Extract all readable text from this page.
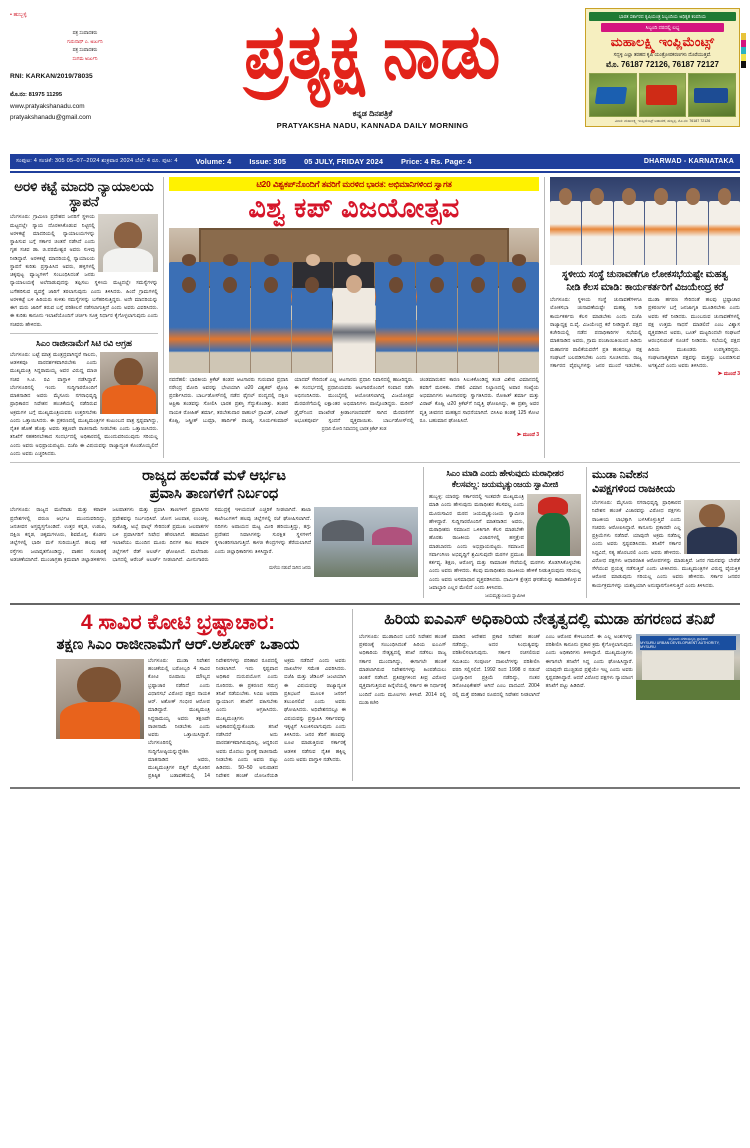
• ಹುಬ್ಬಳ್ಳಿ
ಪತ್ರ ಸಂಪಾದಕರು
ಗುರುನಾಥ್ ಎ. ಅರ್ಜುನಿ
ಪತ್ರ ಸಂಪಾದಕರು
ಸಂಗಮ ಅರ್ಜುನಿ
RNI: KARKAN/2019/78035
ಮೊ.ನಂ: 81975 11295
www.pratyakshanadu.com
pratyakshanadu@gmail.com
ಪ್ರತ್ಯಕ್ಷ ನಾಡು
ಕನ್ನಡ ದಿನಪತ್ರಿಕೆ
PRATYAKSHA NADU, KANNADA DAILY MORNING
ಭಾರತ ಸರ್ಕಾರದ ಕೃಷಿಯಂತ್ರ ಸಿಬ್ಬಂದಿಯ ಅಧಿಕೃತ ಕಂಪನಿಯ
ಸಿಬ್ಬಂದಿ ದರದಲ್ಲಿ ಲಭ್ಯ
ಮಹಾಲಕ್ಷ್ಮಿ ಇಂಪ್ಲಿಮೆಂಟ್ಸ್
ಸದ್ಬಳ್ಳಿ ಎಲ್ಲಾ ತರಹದ ಕೃಷಿ ಯಂತ್ರೋಪಕರಣಗಳು ದೊರೆಯುತ್ತವೆ.
ಮೊ. 76187 72126, 76187 72127
ವಿಳಾಸ: ಮಹಾಲಕ್ಷ್ಮಿ ಇಂಪ್ಲಿಮೆಂಟ್ಸ್ ಬಡಾವಣೆ, ಹುಬ್ಬಳ್ಳಿ, ಮೊ.ನಂ: 76187 72126
ಸಂಪುಟ: 4 ಸಂಚಿಕೆ: 305 05–07–2024 ಶುಕ್ರವಾರ 2024 ಬೆಲೆ: 4 ರೂ. ಪುಟ: 4 Volume: 4 Issue: 305 05 JULY, FRIDAY 2024 Price: 4 Rs. Page: 4	DHARWAD - KARNATAKA
ಅರಳಿ ಕಟ್ಟೆ ಮಾದರಿ ನ್ಯಾಯಾಲಯ ಸ್ಥಾಪನೆ
ಬೆಂಗಳೂರು: ಗ್ರಾಮೀಣ ಪ್ರದೇಶದ ಜನರಿಗೆ ಸ್ಥಳೀಯ ಮಟ್ಟದಲ್ಲೇ ನ್ಯಾಯ ದೊರಕಿಸಿಕೊಡುವ ನಿಟ್ಟಿನಲ್ಲಿ ಅರಳಿಕಟ್ಟೆ ಮಾದರಿಯಲ್ಲಿ ನ್ಯಾಯಾಲಯಗಳನ್ನು ಸ್ಥಾಪಿಸುವ ಬಗ್ಗೆ ಸರ್ಕಾರ ಚಿಂತನೆ ನಡೆಸಿದೆ ಎಂದು ಗೃಹ ಸಚಿವ ಡಾ. ಜಿ.ಪರಮೇಶ್ವರ ಅವರು ಸುಳಿವು ನೀಡಿದ್ದಾರೆ. ಅರಳಿಕಟ್ಟೆ ಮಾದರಿಯಲ್ಲಿ ನ್ಯಾಯಾಲಯ ಸ್ಥಾಪನೆ ಕುರಿತು ಪ್ರಸ್ತಾಪಿಸಿದ ಅವರು, ಹಳ್ಳಿಗಳಲ್ಲಿ ಚಿಕ್ಕಪುಟ್ಟ ವ್ಯಾಜ್ಯಗಳಿಗೆ ಸಂಬಂಧಿಸಿದಂತೆ ಜನರು ನ್ಯಾಯಾಲಯಕ್ಕೆ ಅಲೆದಾಡುವುದನ್ನು ತಪ್ಪಿಸಲು ಸ್ಥಳೀಯ ಮಟ್ಟದಲ್ಲೇ ಸಮಸ್ಯೆಗಳನ್ನು ಬಗೆಹರಿಸುವ ವ್ಯವಸ್ಥೆ ಜಾರಿಗೆ ತರಲಾಗುವುದು ಎಂದು ತಿಳಿಸಿದರು. ಹಿಂದೆ ಗ್ರಾಮಗಳಲ್ಲಿ ಅರಳಿಕಟ್ಟೆ ಬಳಿ ಹಿರಿಯರು ಕುಳಿತು ಸಮಸ್ಯೆಗಳನ್ನು ಬಗೆಹರಿಸುತ್ತಿದ್ದರು. ಅದೇ ಮಾದರಿಯನ್ನು ಈಗ ಮರು ಜಾರಿಗೆ ತರುವ ಬಗ್ಗೆ ಪರಿಶೀಲನೆ ನಡೆಸಲಾಗುತ್ತಿದೆ ಎಂದು ಅವರು ವಿವರಿಸಿದರು. ಈ ಕುರಿತು ಕಾನೂನು ಇಲಾಖೆಯೊಂದಿಗೆ ಚರ್ಚಿಸಿ ಸೂಕ್ತ ನಿರ್ಧಾರ ಕೈಗೊಳ್ಳಲಾಗುವುದು ಎಂದು ಸಚಿವರು ಹೇಳಿದರು.
ಸಿಎಂ ರಾಜೀನಾಮೆಗೆ ಸಿಟಿ ರವಿ ಆಗ್ರಹ
ಬೆಂಗಳೂರು: ಬಟ್ಟೆ ಮಾತ್ರ ಮಂತ್ರದ್ರವಾಗಿದ್ದರೆ ಸಾಲದು, ಆಡಳಿತವೂ ಪಾರದರ್ಶಕವಾಗಿರಬೇಕು ಎಂದು ಮುಖ್ಯಮಂತ್ರಿ ಸಿದ್ದರಾಮಯ್ಯ ಅವರ ವಿರುದ್ಧ ಮಾಜಿ ಸಚಿವ ಸಿ.ಟಿ. ರವಿ ವಾಗ್ದಾಳಿ ನಡೆಸಿದ್ದಾರೆ. ಬೆಂಗಳೂರಿನಲ್ಲಿ ಇಂದು ಸುದ್ದಿಗಾರರೊಂದಿಗೆ ಮಾತನಾಡಿದ ಅವರು ಮೈಸೂರು ನಗರಾಭಿವೃದ್ಧಿ ಪ್ರಾಧಿಕಾರದ ನಿವೇಶನ ಹಂಚಿಕೆಯಲ್ಲಿ ನಡೆದಿರುವ ಅಕ್ರಮಗಳ ಬಗ್ಗೆ ಮುಖ್ಯಮಂತ್ರಿಯವರು ಉತ್ತರಿಸಬೇಕು ಎಂದು ಒತ್ತಾಯಿಸಿದರು. ಈ ಪ್ರಕರಣದಲ್ಲಿ ಮುಖ್ಯಮಂತ್ರಿಗಳ ಕುಟುಂಬದ ಪಾತ್ರ ಸ್ಪಷ್ಟವಾಗಿದ್ದು, ನೈತಿಕ ಹೊಣೆ ಹೊತ್ತು ಅವರು ತಕ್ಷಣವೇ ರಾಜೀನಾಮೆ ನೀಡಬೇಕು ಎಂದು ಒತ್ತಾಯಿಸಿದರು. ತನಿಖೆಗೆ ಸಹಕರಿಸಬೇಕಾದ ಸಂದರ್ಭದಲ್ಲಿ ಅಧಿಕಾರದಲ್ಲಿ ಮುಂದುವರಿಯುವುದು ಸರಿಯಲ್ಲ ಎಂದು ಅವರು ಅಭಿಪ್ರಾಯಪಟ್ಟರು. ಬಿಜೆಪಿ ಈ ವಿಷಯವನ್ನು ರಾಜ್ಯಾದ್ಯಂತ ಕೊಂಡೊಯ್ಯಲಿದೆ ಎಂದು ಅವರು ಎಚ್ಚರಿಸಿದರು.
ಟಿ20 ವಿಶ್ವಕಪ್‌ನೊಂದಿಗೆ ತವರಿಗೆ ಮರಳಿದ ಭಾರತ: ಅಭಿಮಾನಿಗಳಿಂದ ಸ್ವಾಗತ
ವಿಶ್ವ ಕಪ್ ವಿಜಯೋತ್ಸವ
ನವದೆಹಲಿ: ಭಾರತೀಯ ಕ್ರಿಕೆಟ್ ತಂಡದ ಆಟಗಾರರು ಗುರುವಾರ ಪ್ರಧಾನಿ ನರೇಂದ್ರ ಮೋದಿ ಅವರನ್ನು ಭೇಟಿಯಾಗಿ ಟಿ20 ವಿಶ್ವಕಪ್ ಟ್ರೋಫಿ ಪ್ರದರ್ಶಿಸಿದರು. ಬಾರ್ಬಡೋಸ್‌ನಲ್ಲಿ ನಡೆದ ಫೈನಲ್ ಪಂದ್ಯದಲ್ಲಿ ದಕ್ಷಿಣ ಆಫ್ರಿಕಾ ತಂಡವನ್ನು ಸೋಲಿಸಿ ಭಾರತ ಪ್ರಶಸ್ತಿ ಗೆದ್ದುಕೊಂಡಿತ್ತು. ತಂಡದ ನಾಯಕ ರೋಹಿತ್ ಶರ್ಮಾ, ತರಬೇತುದಾರ ರಾಹುಲ್ ದ್ರಾವಿಡ್, ವಿರಾಟ್ ಕೊಹ್ಲಿ, ಜಸ್ಪ್ರೀತ್ ಬುಮ್ರಾ, ಹಾರ್ದಿಕ್ ಪಾಂಡ್ಯ, ಸೂರ್ಯಕುಮಾರ್ ಯಾದವ್ ಸೇರಿದಂತೆ ಎಲ್ಲ ಆಟಗಾರರು ಪ್ರಧಾನಿ ನಿವಾಸದಲ್ಲಿ ಹಾಜರಿದ್ದರು. ಈ ಸಂದರ್ಭದಲ್ಲಿ ಪ್ರಧಾನಿಯವರು ಆಟಗಾರರೊಂದಿಗೆ ಸಂವಾದ ನಡೆಸಿ ಅಭಿನಂದಿಸಿದರು. ಮುಂಬೈನಲ್ಲಿ ಆಯೋಜಿಸಲಾಗಿದ್ದ ವಿಜಯೋತ್ಸವ ಮೆರವಣಿಗೆಯಲ್ಲಿ ಲಕ್ಷಾಂತರ ಅಭಿಮಾನಿಗಳು ಪಾಲ್ಗೊಂಡಿದ್ದರು. ಮರೀನ್ ಡ್ರೈವ್‌ನಿಂದ ವಾಂಖೇಡೆ ಕ್ರೀಡಾಂಗಣದವರೆಗೆ ಸಾಗಿದ ಮೆರವಣಿಗೆಗೆ ಅಭೂತಪೂರ್ವ ಸ್ಪಂದನೆ ವ್ಯಕ್ತವಾಯಿತು. ಬಾರ್ಬಡೋಸ್‌ನಲ್ಲಿ ಚಂಡಮಾರುತದ ಕಾರಣ ಸಿಲುಕಿಕೊಂಡಿದ್ದ ತಂಡ ವಿಶೇಷ ವಿಮಾನದಲ್ಲಿ ತವರಿಗೆ ಮರಳಿತು. ದೆಹಲಿ ವಿಮಾನ ನಿಲ್ದಾಣದಲ್ಲಿ ಅಪಾರ ಸಂಖ್ಯೆಯ ಅಭಿಮಾನಿಗಳು ಆಟಗಾರರನ್ನು ಸ್ವಾಗತಿಸಿದರು. ರೋಹಿತ್ ಶರ್ಮಾ ಮತ್ತು ವಿರಾಟ್ ಕೊಹ್ಲಿ ಟಿ20 ಕ್ರಿಕೆಟ್‌ಗೆ ನಿವೃತ್ತಿ ಘೋಷಿಸಿದ್ದು, ಈ ಪ್ರಶಸ್ತಿ ಅವರ ವೃತ್ತಿ ಜೀವನದ ಮಹತ್ವದ ಸಾಧನೆಯಾಗಿದೆ. ಬಿಸಿಸಿಐ ತಂಡಕ್ಕೆ 125 ಕೋಟಿ ರೂ. ಬಹುಮಾನ ಘೋಷಿಸಿದೆ.
ಪ್ರಧಾನಿ ಮೋದಿ ನಿವಾಸದಲ್ಲಿ ಭಾರತ ಕ್ರಿಕೆಟ್ ತಂಡ
➤ ಮುಂದೆ 3
ಸ್ಥಳೀಯ ಸಂಸ್ಥೆ ಚುನಾವಣೆಗೂ ಲೋಕಸಭೆಯಷ್ಟೇ ಮಹತ್ವ
ನೀಡಿ ಕೆಲಸ ಮಾಡಿ: ಕಾರ್ಯಕರ್ತರಿಗೆ ವಿಜಯೇಂದ್ರ ಕರೆ
ಬೆಂಗಳೂರು: ಸ್ಥಳೀಯ ಸಂಸ್ಥೆ ಚುನಾವಣೆಗಳಿಗೂ ಲೋಕಸಭಾ ಚುನಾವಣೆಯಷ್ಟೇ ಮಹತ್ವ ನೀಡಿ ಕಾರ್ಯಕರ್ತರು ಕೆಲಸ ಮಾಡಬೇಕು ಎಂದು ಬಿಜೆಪಿ ರಾಜ್ಯಾಧ್ಯಕ್ಷ ಬಿ.ವೈ. ವಿಜಯೇಂದ್ರ ಕರೆ ನೀಡಿದ್ದಾರೆ. ಪಕ್ಷದ ಕಚೇರಿಯಲ್ಲಿ ನಡೆದ ಪದಾಧಿಕಾರಿಗಳ ಸಭೆಯಲ್ಲಿ ಮಾತನಾಡಿದ ಅವರು, ಗ್ರಾಮ ಪಂಚಾಯಿತಿಯಿಂದ ಹಿಡಿದು ಮಹಾನಗರ ಪಾಲಿಕೆಯವರೆಗೆ ಪ್ರತಿ ಹಂತದಲ್ಲೂ ಪಕ್ಷ ಸಂಘಟನೆ ಬಲಪಡಿಸಬೇಕು ಎಂದು ಸೂಚಿಸಿದರು. ರಾಜ್ಯ ಸರ್ಕಾರದ ವೈಫಲ್ಯಗಳನ್ನು ಜನರ ಮುಂದೆ ಇಡಬೇಕು. ಮುಡಾ ಹಗರಣ ಸೇರಿದಂತೆ ಹಲವು ಭ್ರಷ್ಟಾಚಾರ ಪ್ರಕರಣಗಳ ಬಗ್ಗೆ ಜನಜಾಗೃತಿ ಮೂಡಿಸಬೇಕು ಎಂದು ಅವರು ಕರೆ ನೀಡಿದರು. ಮುಂಬರುವ ಚುನಾವಣೆಗಳಲ್ಲಿ ಪಕ್ಷ ಉತ್ತಮ ಸಾಧನೆ ಮಾಡಲಿದೆ ಎಂಬ ವಿಶ್ವಾಸ ವ್ಯಕ್ತಪಡಿಸಿದ ಅವರು, ಬೂತ್ ಮಟ್ಟದಿಂದಲೇ ಸಂಘಟನೆ ಆರಂಭಿಸುವಂತೆ ಸೂಚನೆ ನೀಡಿದರು. ಸಭೆಯಲ್ಲಿ ಪಕ್ಷದ ಹಿರಿಯ ಮುಖಂಡರು ಉಪಸ್ಥಿತರಿದ್ದರು. ಸಂಘಟನಾತ್ಮಕವಾಗಿ ಪಕ್ಷವನ್ನು ಮತ್ತಷ್ಟು ಬಲಪಡಿಸುವ ಅಗತ್ಯವಿದೆ ಎಂದು ಅವರು ತಿಳಿಸಿದರು.
➤ ಮುಂದೆ 3
ರಾಜ್ಯದ ಹಲವೆಡೆ ಮಳೆ ಆರ್ಭಟ
ಪ್ರವಾಸಿ ತಾಣಗಳಿಗೆ ನಿರ್ಬಂಧ
ಬೆಂಗಳೂರು: ರಾಜ್ಯದ ಮಲೆನಾಡು ಮತ್ತು ಕರಾವಳಿ ಪ್ರದೇಶಗಳಲ್ಲಿ ವರುಣ ಆರ್ಭಟ ಮುಂದುವರಿದಿದ್ದು, ಜನಜೀವನ ಅಸ್ತವ್ಯಸ್ತಗೊಂಡಿದೆ. ಉತ್ತರ ಕನ್ನಡ, ಉಡುಪಿ, ದಕ್ಷಿಣ ಕನ್ನಡ, ಚಿಕ್ಕಮಗಳೂರು, ಶಿವಮೊಗ್ಗ, ಕೊಡಗು ಜಿಲ್ಲೆಗಳಲ್ಲಿ ಭಾರೀ ಮಳೆ ಸುರಿಯುತ್ತಿದೆ. ಹಲವು ಕಡೆ ರಸ್ತೆಗಳು ಜಲಾವೃತಗೊಂಡಿದ್ದು, ವಾಹನ ಸಂಚಾರಕ್ಕೆ ಅಡಚಣೆಯಾಗಿದೆ. ಮುಂಜಾಗ್ರತಾ ಕ್ರಮವಾಗಿ ಜಿಲ್ಲಾಡಳಿತಗಳು ಜಲಪಾತಗಳು ಮತ್ತು ಪ್ರವಾಸಿ ತಾಣಗಳಿಗೆ ಪ್ರವಾಸಿಗರ ಪ್ರವೇಶವನ್ನು ನಿರ್ಬಂಧಿಸಿವೆ. ಜೋಗ ಜಲಪಾತ, ಉಂಚಳ್ಳಿ, ಸಾತೊಡ್ಡಿ, ಅಬ್ಬೆ ಫಾಲ್ಸ್ ಸೇರಿದಂತೆ ಪ್ರಮುಖ ಜಲಪಾತಗಳ ಬಳಿ ಪ್ರವಾಸಿಗರಿಗೆ ನಿಷೇಧ ಹೇರಲಾಗಿದೆ. ಹವಾಮಾನ ಇಲಾಖೆಯು ಮುಂದಿನ ಮೂರು ದಿನಗಳ ಕಾಲ ಕರಾವಳಿ ಜಿಲ್ಲೆಗಳಿಗೆ ರೆಡ್ ಅಲರ್ಟ್ ಘೋಷಿಸಿದೆ. ಮಲೆನಾಡು ಭಾಗದಲ್ಲಿ ಆರೆಂಜ್ ಅಲರ್ಟ್ ನೀಡಲಾಗಿದೆ. ಮೀನುಗಾರರು ಸಮುದ್ರಕ್ಕೆ ಇಳಿಯದಂತೆ ಎಚ್ಚರಿಕೆ ನೀಡಲಾಗಿದೆ. ಶಾಲಾ ಕಾಲೇಜುಗಳಿಗೆ ಹಲವು ಜಿಲ್ಲೆಗಳಲ್ಲಿ ರಜೆ ಘೋಷಿಸಲಾಗಿದೆ. ನದಿಗಳು ಅಪಾಯದ ಮಟ್ಟ ಮೀರಿ ಹರಿಯುತ್ತಿದ್ದು, ತಗ್ಗು ಪ್ರದೇಶದ ನಿವಾಸಿಗಳನ್ನು ಸುರಕ್ಷಿತ ಸ್ಥಳಗಳಿಗೆ ಸ್ಥಳಾಂತರಿಸಲಾಗುತ್ತಿದೆ. ಕಾಳಜಿ ಕೇಂದ್ರಗಳನ್ನು ತೆರೆಯಲಾಗಿದೆ ಎಂದು ಜಿಲ್ಲಾಧಿಕಾರಿಗಳು ತಿಳಿಸಿದ್ದಾರೆ.
ಮಳೆಯ ನಡುವೆ ಸಾಗಿದ ಜನರು
ಸಿಎಂ ಮಾಡಿ ಎಂದು ಹೇಳುವುದು ಮಠಾಧೀಶರ
ಕೆಲಸವಲ್ಲ: ಜಯಮೃತ್ಯುಂಜಯ ಸ್ವಾಮೀಜಿ
ಹುಬ್ಬಳ್ಳಿ: ಯಾರನ್ನು ಸರ್ಕಾರದಲ್ಲಿ ಇಂತವರೇ ಮುಖ್ಯಮಂತ್ರಿ ಮಾಡಿ ಎಂದು ಹೇಳುವುದು ಮಠಾಧೀಶರ ಕೆಲಸವಲ್ಲ ಎಂದು ಮೂರುಸಾವಿರ ಮಠದ ಜಯಮೃತ್ಯುಂಜಯ ಸ್ವಾಮೀಜಿ ಹೇಳಿದ್ದಾರೆ. ಸುದ್ದಿಗಾರರೊಂದಿಗೆ ಮಾತನಾಡಿದ ಅವರು, ಮಠಾಧೀಶರು ಸಮಾಜದ ಒಳಿತಿಗಾಗಿ ಕೆಲಸ ಮಾಡಬೇಕೇ ಹೊರತು ರಾಜಕೀಯ ವಿಚಾರಗಳಲ್ಲಿ ಹಸ್ತಕ್ಷೇಪ ಮಾಡಬಾರದು ಎಂದು ಅಭಿಪ್ರಾಯಪಟ್ಟರು. ಸಮಾಜದ ಸರ್ವಾಂಗೀಣ ಅಭಿವೃದ್ಧಿಗೆ ಶ್ರಮಿಸುವುದೇ ಮಠಗಳ ಪ್ರಮುಖ ಕರ್ತವ್ಯ. ಶಿಕ್ಷಣ, ಆರೋಗ್ಯ ಮತ್ತು ಸಾಮಾಜಿಕ ಸೇವೆಯಲ್ಲಿ ಮಠಗಳು ತೊಡಗಿಸಿಕೊಳ್ಳಬೇಕು ಎಂದು ಅವರು ಹೇಳಿದರು. ಕೆಲವು ಮಠಾಧೀಶರು ರಾಜಕೀಯ ಹೇಳಿಕೆ ನೀಡುತ್ತಿರುವುದು ಸರಿಯಲ್ಲ ಎಂದು ಅವರು ಅಸಮಾಧಾನ ವ್ಯಕ್ತಪಡಿಸಿದರು. ಧಾರ್ಮಿಕ ಕ್ಷೇತ್ರದ ಘನತೆಯನ್ನು ಕಾಪಾಡಿಕೊಳ್ಳುವ ಜವಾಬ್ದಾರಿ ಎಲ್ಲರ ಮೇಲಿದೆ ಎಂದು ತಿಳಿಸಿದರು.
ಜಯಮೃತ್ಯುಂಜಯ ಸ್ವಾಮೀಜಿ
ಮುಡಾ ನಿವೇಶನ
ವಿಪಕ್ಷಗಳಿಂದ ರಾಜಕೀಯ
ಬೆಂಗಳೂರು: ಮೈಸೂರು ನಗರಾಭಿವೃದ್ಧಿ ಪ್ರಾಧಿಕಾರದ ನಿವೇಶನ ಹಂಚಿಕೆ ವಿಚಾರವನ್ನು ವಿರೋಧ ಪಕ್ಷಗಳು ರಾಜಕೀಯ ಲಾಭಕ್ಕಾಗಿ ಬಳಸಿಕೊಳ್ಳುತ್ತಿವೆ ಎಂದು ಸಚಿವರು ಆರೋಪಿಸಿದ್ದಾರೆ. ಕಾನೂನು ಪ್ರಕಾರವೇ ಎಲ್ಲ ಪ್ರಕ್ರಿಯೆಗಳು ನಡೆದಿವೆ. ಯಾವುದೇ ಅಕ್ರಮ ನಡೆದಿಲ್ಲ ಎಂದು ಅವರು ಸ್ಪಷ್ಟಪಡಿಸಿದರು. ತನಿಖೆಗೆ ಸರ್ಕಾರ ಸಿದ್ಧವಿದೆ, ಸತ್ಯ ಹೊರಬರಲಿ ಎಂದು ಅವರು ಹೇಳಿದರು. ವಿರೋಧ ಪಕ್ಷಗಳು ಆಧಾರರಹಿತ ಆರೋಪಗಳನ್ನು ಮಾಡುತ್ತಿವೆ. ಜನರ ಗಮನವನ್ನು ಬೇರೆಡೆ ಸೆಳೆಯುವ ಪ್ರಯತ್ನ ನಡೆಸುತ್ತಿವೆ ಎಂದು ಟೀಕಿಸಿದರು. ಮುಖ್ಯಮಂತ್ರಿಗಳ ವಿರುದ್ಧ ವೈಯಕ್ತಿಕ ಆರೋಪ ಮಾಡುವುದು ಸರಿಯಲ್ಲ ಎಂದು ಅವರು ಹೇಳಿದರು. ಸರ್ಕಾರ ಜನಪರ ಕಾರ್ಯಕ್ರಮಗಳನ್ನು ಯಶಸ್ವಿಯಾಗಿ ಅನುಷ್ಠಾನಗೊಳಿಸುತ್ತಿದೆ ಎಂದು ತಿಳಿಸಿದರು.
4 ಸಾವಿರ ಕೋಟಿ ಭ್ರಷ್ಟಾಚಾರ:
ತಕ್ಷಣ ಸಿಎಂ ರಾಜೀನಾಮೆಗೆ ಆರ್.ಅಶೋಕ್ ಒತಾಯ
ಬೆಂಗಳೂರು: ಮುಡಾ ನಿವೇಶನ ಹಂಚಿಕೆಯಲ್ಲಿ ಬರೋಬ್ಬರಿ 4 ಸಾವಿರ ಕೋಟಿ ರೂಪಾಯಿ ಮೌಲ್ಯದ ಭ್ರಷ್ಟಾಚಾರ ನಡೆದಿದೆ ಎಂದು ವಿಧಾನಸಭೆ ವಿರೋಧ ಪಕ್ಷದ ನಾಯಕ ಆರ್. ಅಶೋಕ್ ಗಂಭೀರ ಆರೋಪ ಮಾಡಿದ್ದಾರೆ. ಮುಖ್ಯಮಂತ್ರಿ ಸಿದ್ದರಾಮಯ್ಯ ಅವರು ತಕ್ಷಣವೇ ರಾಜೀನಾಮೆ ನೀಡಬೇಕು ಎಂದು ಅವರು ಒತ್ತಾಯಿಸಿದ್ದಾರೆ. ಬೆಂಗಳೂರಿನಲ್ಲಿ ಸುದ್ದಿಗೋಷ್ಠಿಯನ್ನುದ್ದೇಶಿಸಿ ಮಾತನಾಡಿದ ಅವರು, ಮುಖ್ಯಮಂತ್ರಿಗಳ ಪತ್ನಿಗೆ ಮೈಸೂರಿನ ಪ್ರತಿಷ್ಠಿತ ಬಡಾವಣೆಯಲ್ಲಿ 14 ನಿವೇಶನಗಳನ್ನು ಪರಿಹಾರ ರೂಪದಲ್ಲಿ ನೀಡಲಾಗಿದೆ. ಇದು ಸ್ಪಷ್ಟವಾದ ಅಧಿಕಾರ ದುರುಪಯೋಗ ಎಂದು ದೂರಿದರು. ಈ ಪ್ರಕರಣದ ಸಮಗ್ರ ತನಿಖೆ ನಡೆಯಬೇಕು. ಸಿಬಿಐ ಅಥವಾ ನ್ಯಾಯಾಂಗ ತನಿಖೆಗೆ ವಹಿಸಬೇಕು ಎಂದು ಆಗ್ರಹಿಸಿದರು. ಮುಖ್ಯಮಂತ್ರಿಗಳು ಅಧಿಕಾರದಲ್ಲಿದ್ದುಕೊಂಡು ತನಿಖೆ ನಡೆಸಿದರೆ ಅದು ಪಾರದರ್ಶಕವಾಗಿರುವುದಿಲ್ಲ. ಆದ್ದರಿಂದ ಅವರು ಮೊದಲು ಸ್ಥಾನಕ್ಕೆ ರಾಜೀನಾಮೆ ನೀಡಬೇಕು ಎಂದು ಅವರು ಪಟ್ಟು ಹಿಡಿದರು. 50–50 ಅನುಪಾತದ ನಿವೇಶನ ಹಂಚಿಕೆ ಯೋಜನೆಯಡಿ ಅಕ್ರಮ ನಡೆದಿದೆ ಎಂದು ಅವರು ದಾಖಲೆಗಳ ಸಮೇತ ವಿವರಿಸಿದರು. ಬಿಜೆಪಿ ಮತ್ತು ಜೆಡಿಎಸ್ ಜಂಟಿಯಾಗಿ ಈ ವಿಷಯವನ್ನು ರಾಜ್ಯಾದ್ಯಂತ ಪ್ರತಿಭಟನೆ ಮೂಲಕ ಜನರಿಗೆ ತಲುಪಿಸಲಿವೆ ಎಂದು ಅವರು ಘೋಷಿಸಿದರು. ಅಧಿವೇಶನದಲ್ಲೂ ಈ ವಿಷಯವನ್ನು ಪ್ರಸ್ತಾಪಿಸಿ ಸರ್ಕಾರವನ್ನು ಇಕ್ಕಟ್ಟಿಗೆ ಸಿಲುಕಿಸಲಾಗುವುದು ಎಂದು ತಿಳಿಸಿದರು. ಜನರ ತೆರಿಗೆ ಹಣವನ್ನು ಲೂಟಿ ಮಾಡುತ್ತಿರುವ ಸರ್ಕಾರಕ್ಕೆ ಆಡಳಿತ ನಡೆಸುವ ನೈತಿಕ ಹಕ್ಕಿಲ್ಲ ಎಂದು ಅವರು ವಾಗ್ದಾಳಿ ನಡೆಸಿದರು.
ಹಿರಿಯ ಐಎಎಸ್ ಅಧಿಕಾರಿಯ ನೇತೃತ್ವದಲ್ಲಿ ಮುಡಾ ಹಗರಣದ ತನಿಖೆ
ಮೈಸೂರು ನಗರಾಭಿವೃದ್ಧಿ ಪ್ರಾಧಿಕಾರ
MYSURU URBAN DEVELOPMENT AUTHORITY, MYSURU
ಬೆಂಗಳೂರು: ಮುಡಾದಿಂದ ಬದಲಿ ನಿವೇಶನ ಹಂಚಿಕೆ ಪ್ರಕರಣಕ್ಕೆ ಸಂಬಂಧಿಸಿದಂತೆ ಹಿರಿಯ ಐಎಎಸ್ ಅಧಿಕಾರಿಯ ನೇತೃತ್ವದಲ್ಲಿ ತನಿಖೆ ನಡೆಸಲು ರಾಜ್ಯ ಸರ್ಕಾರ ಮುಂದಾಗಿದ್ದು, ಈಗಾಗಲೇ ಹಂಚಿಕೆ ಮಾಡಲಾಗಿರುವ ನಿವೇಶನಗಳನ್ನು ಹಿಂಪಡೆಯಲು ಚಿಂತನೆ ನಡೆಸಿದೆ. ಪ್ರತಿಪಕ್ಷಗಳಿಂದ ತೀವ್ರ ವಿರೋಧ ವ್ಯಕ್ತವಾಗುತ್ತಿರುವ ಹಿನ್ನೆಲೆಯಲ್ಲಿ ಸರ್ಕಾರ ಈ ನಿರ್ಧಾರಕ್ಕೆ ಬಂದಿದೆ ಎಂದು ಮೂಲಗಳು ತಿಳಿಸಿವೆ. 2014 ರಲ್ಲಿ ಮಾಡಿದ ಆದೇಶದ ಪ್ರಕಾರ ನಿವೇಶನ ಹಂಚಿಕೆ ನಡೆದಿದ್ದು, ಅದರ ಸಿಂಧುತ್ವವನ್ನು ಪರಿಶೀಲಿಸಲಾಗುವುದು. ಸರ್ಕಾರ ರಚಿಸಲಿರುವ ಸಮಿತಿಯು ಸಂಪೂರ್ಣ ದಾಖಲೆಗಳನ್ನು ಪರಿಶೀಲಿಸಿ ವರದಿ ಸಲ್ಲಿಸಲಿದೆ. 1992 ರಿಂದ 1998 ರ ನಡುವೆ ಭೂಸ್ವಾಧೀನ ಪ್ರಕ್ರಿಯೆ ನಡೆದಿದ್ದು, ನಂತರ ಡಿನೋಟಿಫಿಕೇಶನ್ ಆಗಿದೆ ಎಂಬ ವಾದವಿದೆ. 2004 ರಲ್ಲಿ ಮತ್ತೆ ಪರಿಹಾರ ರೂಪದಲ್ಲಿ ನಿವೇಶನ ನೀಡಲಾಗಿದೆ ಎಂಬ ಆರೋಪ ಕೇಳಿಬಂದಿದೆ. ಈ ಎಲ್ಲ ಅಂಶಗಳನ್ನು ಪರಿಶೀಲಿಸಿ ಕಾನೂನು ಪ್ರಕಾರ ಕ್ರಮ ಕೈಗೊಳ್ಳಲಾಗುವುದು ಎಂದು ಅಧಿಕಾರಿಗಳು ತಿಳಿಸಿದ್ದಾರೆ. ಮುಖ್ಯಮಂತ್ರಿಗಳು ಈಗಾಗಲೇ ತನಿಖೆಗೆ ಸಿದ್ಧ ಎಂದು ಘೋಷಿಸಿದ್ದಾರೆ. ಯಾವುದೇ ಮುಚ್ಚಿಡುವ ಪ್ರಶ್ನೆಯೇ ಇಲ್ಲ ಎಂದು ಅವರು ಸ್ಪಷ್ಟಪಡಿಸಿದ್ದಾರೆ. ಆದರೆ ವಿರೋಧ ಪಕ್ಷಗಳು ನ್ಯಾಯಾಂಗ ತನಿಖೆಗೆ ಪಟ್ಟು ಹಿಡಿದಿವೆ.
ಮುಡಾ ಕಚೇರಿ
